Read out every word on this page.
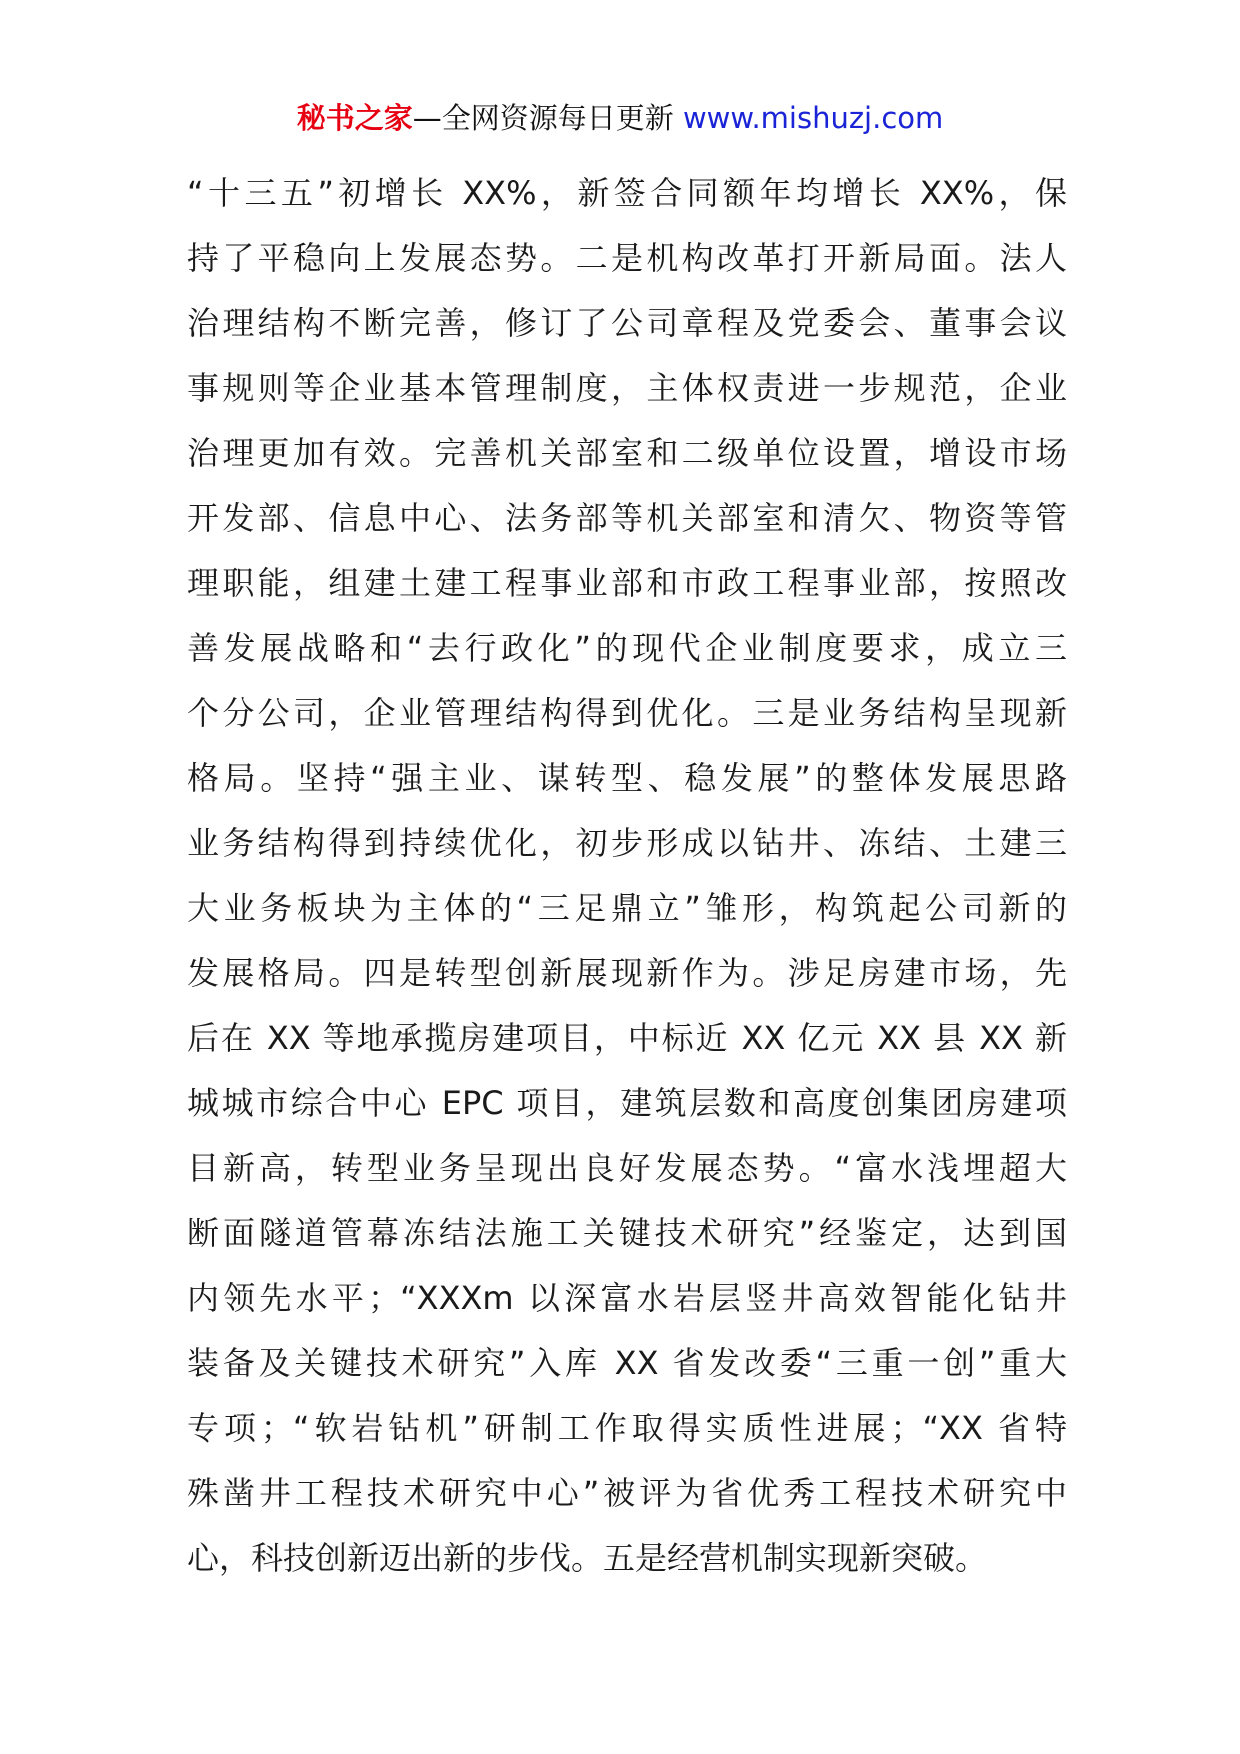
秘书之家—全网资源每日更新 www.mishuzj.com
“十三五”初增长 XX%，新签合同额年均增长 XX%，保
持了平稳向上发展态势。二是机构改革打开新局面。法人
治理结构不断完善，修订了公司章程及党委会、董事会议
事规则等企业基本管理制度，主体权责进一步规范，企业
治理更加有效。完善机关部室和二级单位设置，增设市场
开发部、信息中心、法务部等机关部室和清欠、物资等管
理职能，组建土建工程事业部和市政工程事业部，按照改
善发展战略和“去行政化”的现代企业制度要求，成立三
个分公司，企业管理结构得到优化。三是业务结构呈现新
格局。坚持“强主业、谋转型、稳发展”的整体发展思路
业务结构得到持续优化，初步形成以钻井、冻结、土建三
大业务板块为主体的“三足鼎立”雏形，构筑起公司新的
发展格局。四是转型创新展现新作为。涉足房建市场，先
后在 XX 等地承揽房建项目，中标近 XX 亿元 XX 县 XX 新
城城市综合中心 EPC 项目，建筑层数和高度创集团房建项
目新高，转型业务呈现出良好发展态势。“富水浅埋超大
断面隧道管幕冻结法施工关键技术研究”经鉴定，达到国
内领先水平；“XXXm 以深富水岩层竖井高效智能化钻井
装备及关键技术研究”入库 XX 省发改委“三重一创”重大
专项；“软岩钻机”研制工作取得实质性进展；“XX 省特
殊凿井工程技术研究中心”被评为省优秀工程技术研究中
心，科技创新迈出新的步伐。五是经营机制实现新突破。
